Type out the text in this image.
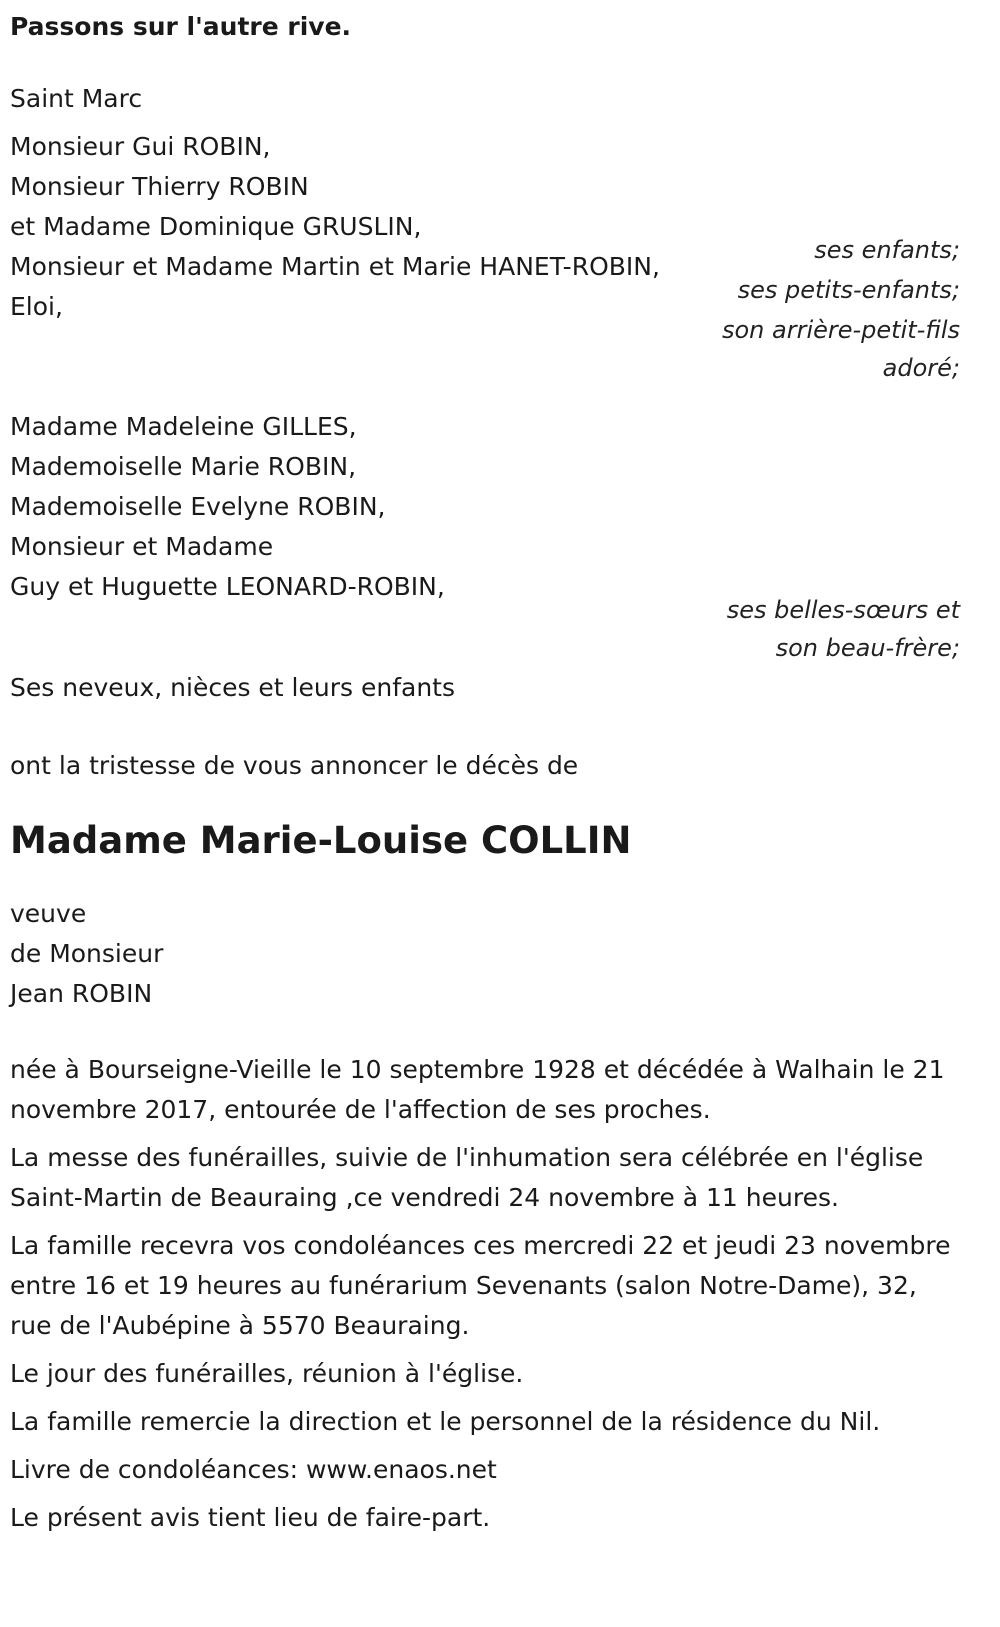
Passons sur l'autre rive.

Saint Marc

Monsieur Gui ROBIN,
Monsieur Thierry ROBIN
et Madame Dominique GRUSLIN,
ses enfants;
Monsieur et Madame Martin et Marie HANET-ROBIN,
ses petits-enfants;
Eloi,
son arrière-petit-fils
adoré;
Madame Madeleine GILLES,
Mademoiselle Marie ROBIN,
Mademoiselle Evelyne ROBIN,
Monsieur et Madame
Guy et Huguette LEONARD-ROBIN,
ses belles-sœurs et
son beau-frère;

Ses neveux, nièces et leurs enfants

ont la tristesse de vous annoncer le décès de

Madame Marie-Louise COLLIN

veuve
de Monsieur
Jean ROBIN

née à Bourseigne-Vieille le 10 septembre 1928 et décédée à Walhain le 21 novembre 2017, entourée de l'affection de ses proches.

La messe des funérailles, suivie de l'inhumation sera célébrée en l'église Saint-Martin de Beauraing ,ce vendredi 24 novembre à 11 heures.

La famille recevra vos condoléances ces mercredi 22 et jeudi 23 novembre entre 16 et 19 heures au funérarium Sevenants (salon Notre-Dame), 32, rue de l'Aubépine à 5570 Beauraing.

Le jour des funérailles, réunion à l'église.

La famille remercie la direction et le personnel de la résidence du Nil.

Livre de condoléances: www.enaos.net

Le présent avis tient lieu de faire-part.
